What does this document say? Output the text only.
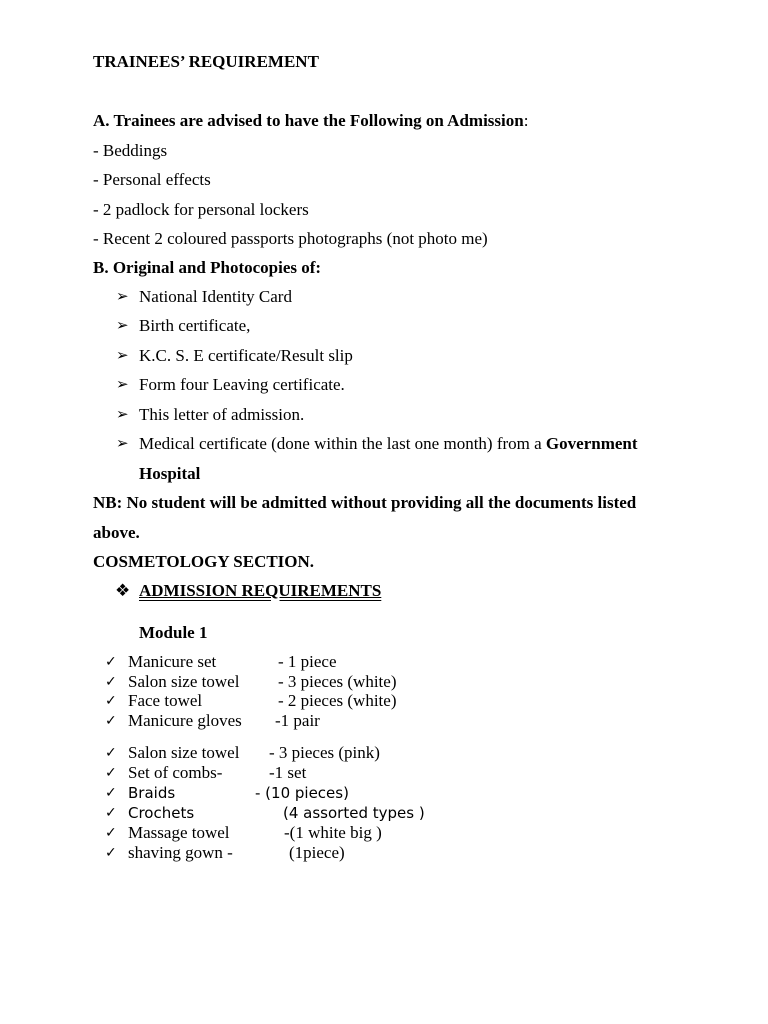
TRAINEES’ REQUIREMENT
A. Trainees are advised to have the Following on Admission:
- Beddings
- Personal effects
- 2 padlock for personal lockers
- Recent 2 coloured passports photographs (not photo me)
B. Original and Photocopies of:
➢ National Identity Card
➢ Birth certificate,
➢ K.C. S. E certificate/Result slip
➢ Form four Leaving certificate.
➢ This letter of admission.
➢ Medical certificate (done within the last one month) from a Government
Hospital
NB: No student will be admitted without providing all the documents listed
above.
COSMETOLOGY SECTION.
❖ ADMISSION REQUIREMENTS
Module 1
✓ Manicure set	- 1 piece
✓ Salon size towel - 3 pieces (white)
✓ Face towel	- 2 pieces (white)
✓ Manicure gloves -1 pair
✓ Salon size towel - 3 pieces (pink)
✓ Set of combs-	-1 set
✓ Braids	- (10 pieces)
✓ Crochets	(4 assorted types )
✓ Massage towel	-(1 white big )
✓ shaving gown -	(1piece)
